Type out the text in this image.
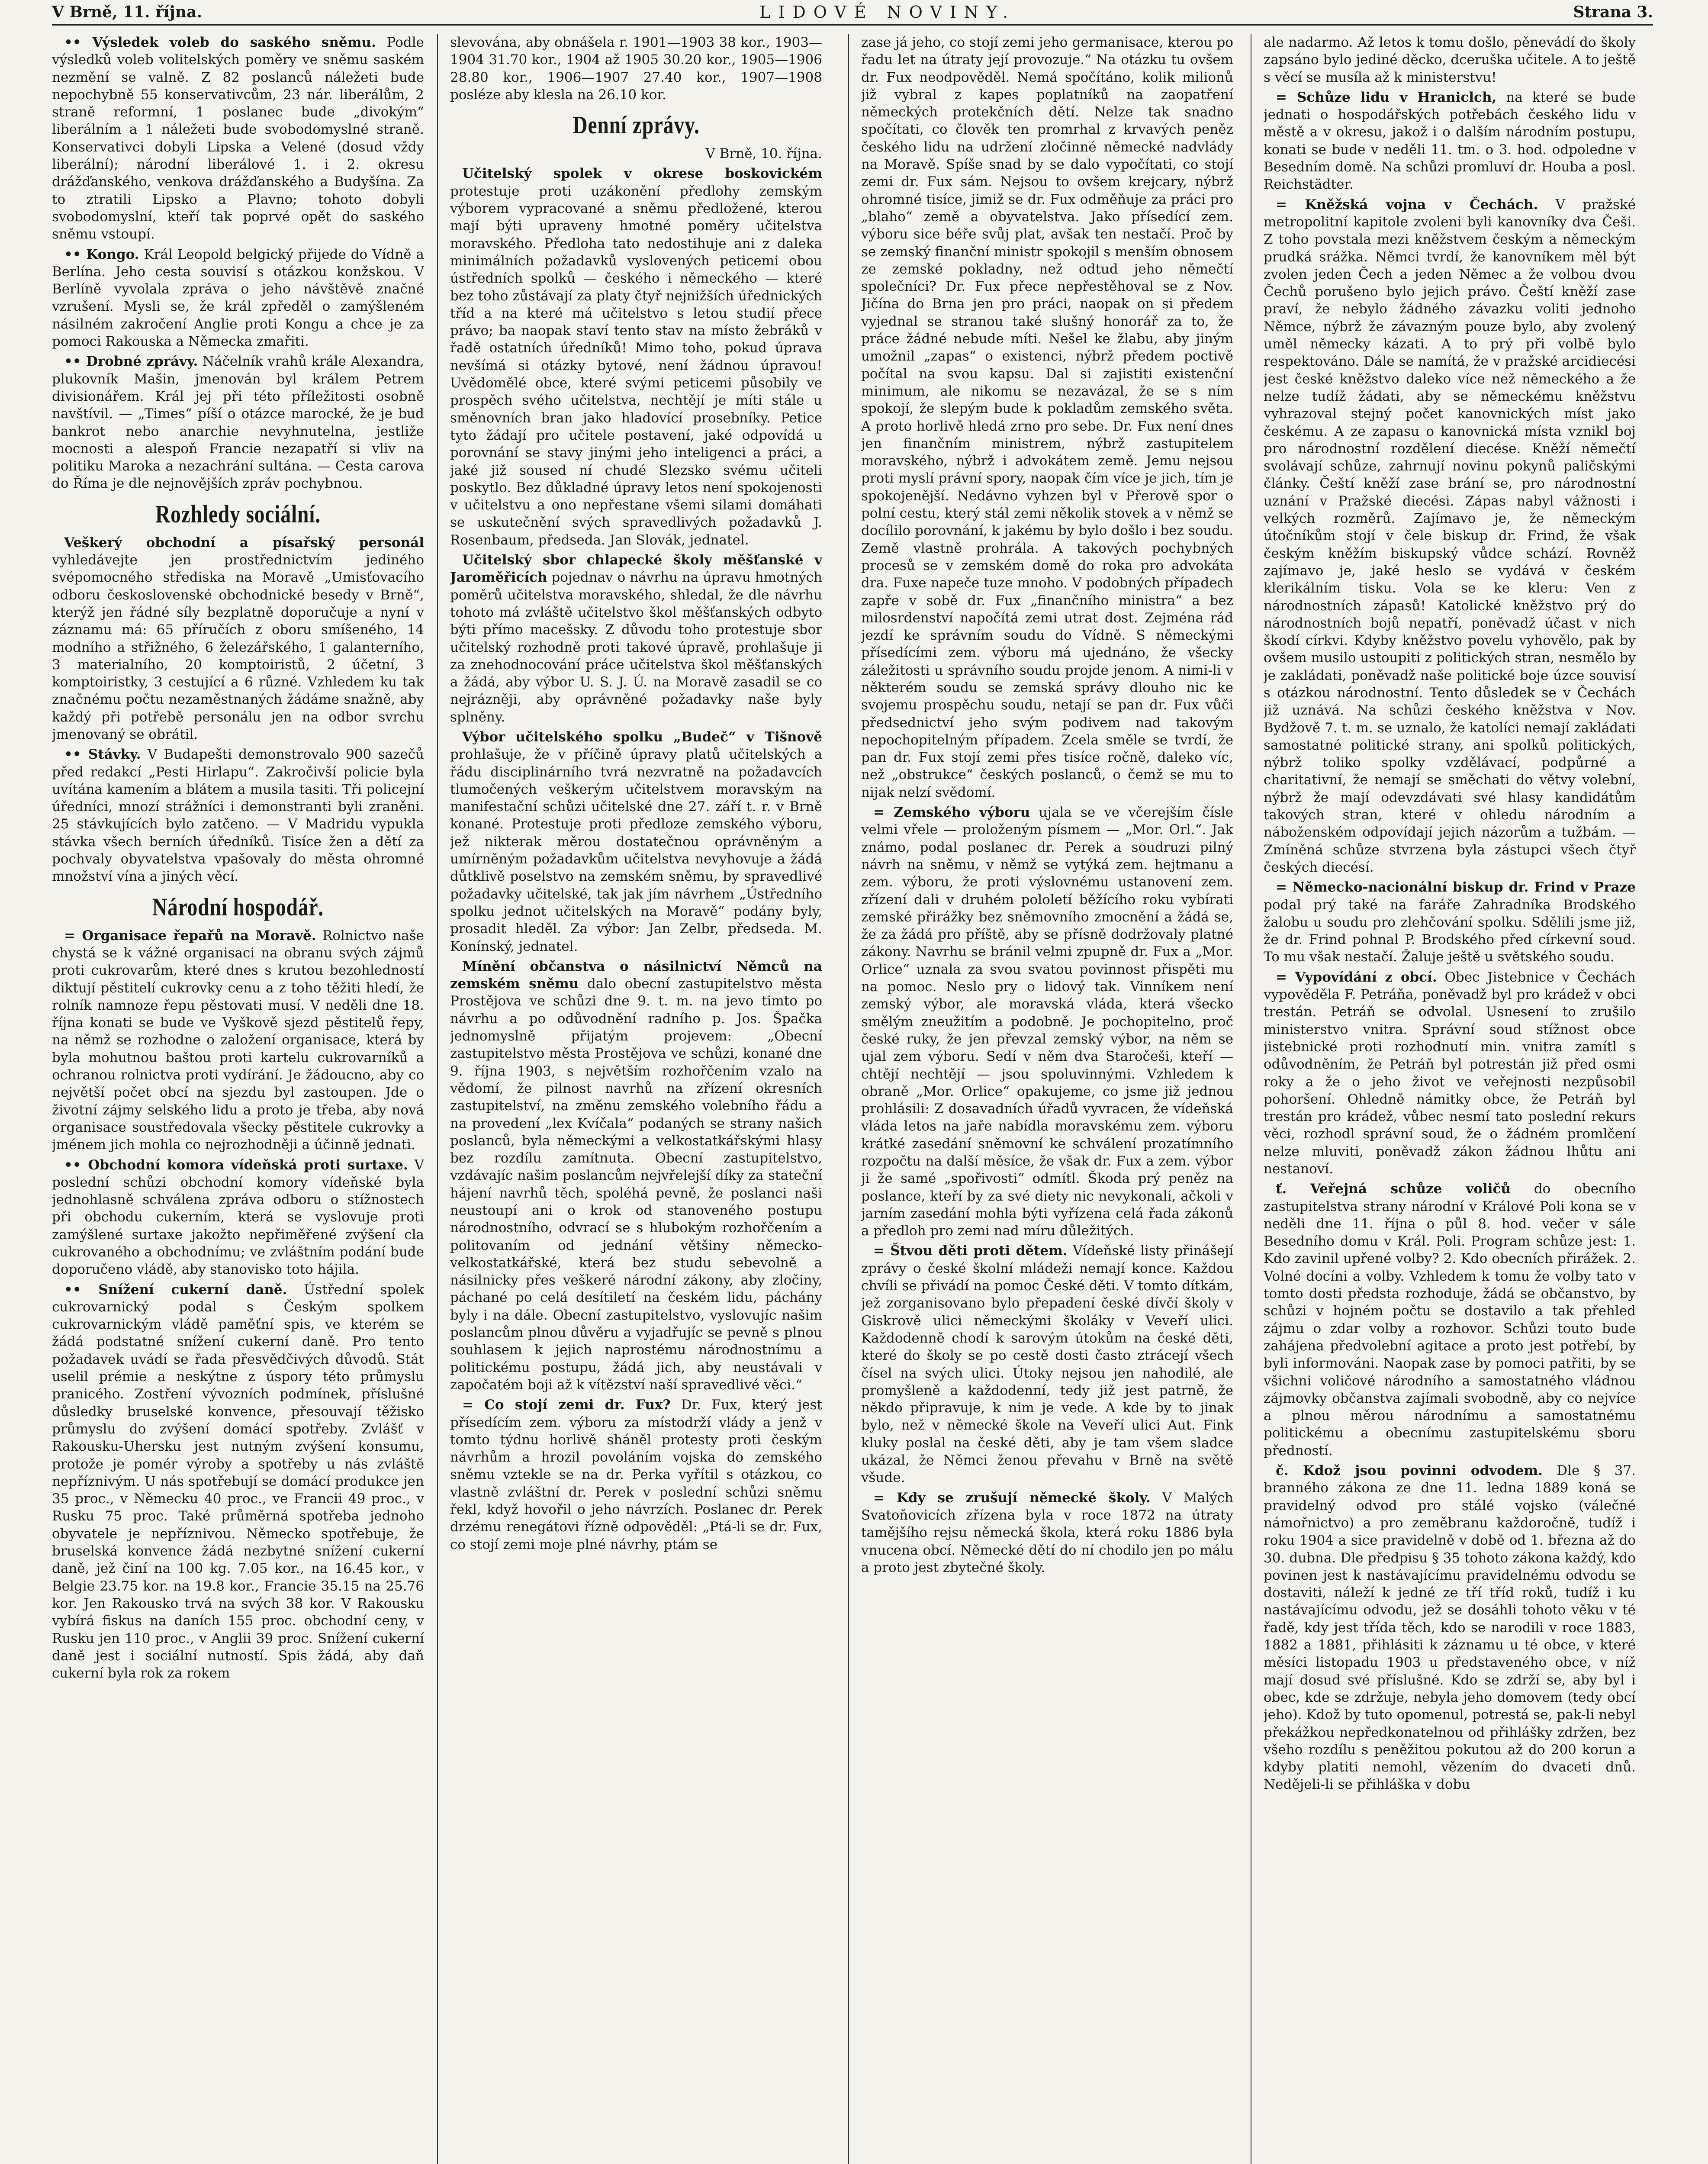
V Brně, 11. října.	LIDOVÉ NOVINY.	Strana 3.

•• Výsledek voleb do saského sněmu. Podle výsledků voleb volitelských poměry ve sněmu saském nezmění se valně. Z 82 poslanců náležeti bude nepochybně 55 konservativcům, 23 nár. liberálům, 2 straně reformní, 1 poslanec bude „divokým“ liberálním a 1 náležeti bude svobodomyslné straně. Konservativci dobyli Lipska a Velené (dosud vždy liberální); národní liberálové 1. i 2. okresu drážďanského, venkova drážďanského a Budyšína. Za to ztratili Lipsko a Plavno; tohoto dobyli svobodomyslní, kteří tak poprvé opět do saského sněmu vstoupí.

•• Kongo. Král Leopold belgický přijede do Vídně a Berlína. Jeho cesta souvisí s otázkou konžskou. V Berlíně vyvolala zpráva o jeho návštěvě značné vzrušení. Mysli se, že král zpředěl o zamýšleném násilném zakročení Anglie proti Kongu a chce je za pomoci Rakouska a Německa zmařiti.

•• Drobné zprávy. Náčelník vrahů krále Alexandra, plukovník Mašin, jmenován byl králem Petrem divisionářem. Král jej při této příležitosti osobně navštívil. — „Times“ píší o otázce marocké, že je buď bankrot nebo anarchie nevyhnutelna, jestliže mocnosti a alespoň Francie nezapatří si vliv na politiku Maroka a nezachrání sultána. — Cesta carova do Říma je dle nejnovějších zpráv pochybnou.

Rozhledy sociální.

Veškerý obchodní a písařský personál vyhledávejte jen prostřednictvím jediného svépomocného střediska na Moravě „Umisťovacího odboru československé obchodnické besedy v Brně“, kterýž jen řádné síly bezplatně doporučuje a nyní v záznamu má: 65 příručích z oboru smíšeného, 14 modního a střižného, 6 železářského, 1 galanterního, 3 materialního, 20 komptoiristů, 2 účetní, 3 komptoiristky, 3 cestující a 6 různé. Vzhledem ku tak značnému počtu nezaměstnaných žádáme snažně, aby každý při potřebě personálu jen na odbor svrchu jmenovaný se obrátil.

•• Stávky. V Budapešti demonstrovalo 900 sazečů před redakcí „Pesti Hirlapu“. Zakročivší policie byla uvítána kamením a blátem a musila tasiti. Tři policejní úředníci, mnozí strážníci i demonstranti byli zraněni. 25 stávkujících bylo zatčeno. — V Madridu vypukla stávka všech berních úředníků. Tisíce žen a dětí za pochvaly obyvatelstva vpašovaly do města ohromné množství vína a jiných věcí.

Národní hospodář.

= Organisace řepařů na Moravě. Rolnictvo naše chystá se k vážné organisaci na obranu svých zájmů proti cukrovarům, které dnes s krutou bezohledností diktují pěstitelí cukrovky cenu a z toho těžiti hledí, že rolník namnoze řepu pěstovati musí. V neděli dne 18. října konati se bude ve Vyškově sjezd pěstitelů řepy, na němž se rozhodne o založení organisace, která by byla mohutnou baštou proti kartelu cukrovarníků a ochranou rolnictva proti vydírání. Je žádoucno, aby co největší počet obcí na sjezdu byl zastoupen. Jde o životní zájmy selského lidu a proto je třeba, aby nová organisace soustředovala všecky pěstitele cukrovky a jménem jich mohla co nejrozhodněji a účinně jednati.

•• Obchodní komora vídeňská proti surtaxe. V poslední schůzi obchodní komory vídeňské byla jednohlasně schválena zpráva odboru o stížnostech při obchodu cukerním, která se vyslovuje proti zamýšlené surtaxe jakožto nepřiměřené zvýšení cla cukrovaného a obchodnímu; ve zvláštním podání bude doporučeno vládě, aby stanovisko toto hájila.

•• Snížení cukerní daně. Ústřední spolek cukrovarnický podal s Českým spolkem cukrovarnickým vládě paměťní spis, ve kterém se žádá podstatné snížení cukerní daně. Pro tento požadavek uvádí se řada přesvědčivých důvodů. Stát uselil prémie a neskýtne z úspory této průmyslu pranicého. Zostření vývozních podmínek, příslušné důsledky bruselské konvence, přesouvají těžisko průmyslu do zvýšení domácí spotřeby. Zvlášť v Rakousku-Uhersku jest nutným zvýšení konsumu, protože je pomér výroby a spotřeby u nás zvláště nepříznivým. U nás spotřebují se domácí produkce jen 35 proc., v Německu 40 proc., ve Francii 49 proc., v Rusku 75 proc. Také průměrná spotřeba jednoho obyvatele je nepříznivou. Německo spotřebuje, že bruselská konvence žádá nezbytné snížení cukerní daně, jež činí na 100 kg. 7.05 kor., na 16.45 kor., v Belgie 23.75 kor. na 19.8 kor., Francie 35.15 na 25.76 kor. Jen Rakousko trvá na svých 38 kor. V Rakousku vybírá fiskus na daních 155 proc. obchodní ceny, v Rusku jen 110 proc., v Anglii 39 proc. Snížení cukerní daně jest i sociální nutností. Spis žádá, aby daň cukerní byla rok za rokem

slevována, aby obnášela r. 1901—1903 38 kor., 1903—1904 31.70 kor., 1904 až 1905 30.20 kor., 1905—1906 28.80 kor., 1906—1907 27.40 kor., 1907—1908 posléze aby klesla na 26.10 kor.

Denní zprávy.
V Brně, 10. října.

Učitelský spolek v okrese boskovickém protestuje proti uzákonění předlohy zemským výborem vypracované a sněmu předložené, kterou mají býti upraveny hmotné poměry učitelstva moravského. Předloha tato nedostihuje ani z daleka minimálních požadavků vyslovených peticemi obou ústředních spolků — českého i německého — které bez toho zůstávají za platy čtyř nejnižších úřednických tříd a na které má učitelstvo s letou studií přece právo; ba naopak staví tento stav na místo žebráků v řadě ostatních úředníků! Mimo toho, pokud úprava nevšímá si otázky bytové, není žádnou úpravou! Uvědomělé obce, které svými peticemi působily ve prospěch svého učitelstva, nechtějí je míti stále u směnovních bran jako hladovící prosebníky. Petice tyto žádají pro učitele postavení, jaké odpovídá u porovnání se stavy jinými jeho inteligenci a práci, a jaké již soused ní chudé Slezsko svému učiteli poskytlo. Bez důkladné úpravy letos není spokojenosti v učitelstvu a ono nepřestane všemi silami domáhati se uskutečnění svých spravedlivých požadavků J. Rosenbaum, předseda. Jan Slovák, jednatel.

Učitelský sbor chlapecké školy měšťanské v Jaroměřicích pojednav o návrhu na úpravu hmotných poměrů učitelstva moravského, shledal, že dle návrhu tohoto má zvláště učitelstvo škol měšťanských odbyto býti přímo macešsky. Z důvodu toho protestuje sbor učitelský rozhodně proti takové úpravě, prohlašuje ji za znehodnocování práce učitelstva škol měšťanských a žádá, aby výbor U. S. J. Ú. na Moravě zasadil se co nejrázněji, aby oprávněné požadavky naše byly splněny.

Výbor učitelského spolku „Budeč“ v Tišnově prohlašuje, že v příčině úpravy platů učitelských a řádu disciplinárního tvrá nezvratně na požadavcích tlumočených veškerým učitelstvem moravským na manifestační schůzi učitelské dne 27. září t. r. v Brně konané. Protestuje proti předloze zemského výboru, jež nikterak měrou dostatečnou oprávněným a umírněným požadavkům učitelstva nevyhovuje a žádá důtklivě poselstvo na zemském sněmu, by spravedlivé požadavky učitelské, tak jak jím návrhem „Ústředního spolku jednot učitelských na Moravě“ podány byly, prosadit hleděl. Za výbor: Jan Zelbr, předseda. M. Konínský, jednatel.

Mínění občanstva o násilnictví Němců na zemském sněmu dalo obecní zastupitelstvo města Prostějova ve schůzi dne 9. t. m. na jevo timto po návrhu a po odůvodnění radního p. Jos. Špačka jednomyslně přijatým projevem: „Obecní zastupitelstvo města Prostějova ve schůzi, konané dne 9. října 1903, s největším rozhořčením vzalo na vědomí, že pilnost navrhů na zřízení okresních zastupitelství, na změnu zemského volebního řádu a na provedení „lex Kvíčala“ podaných se strany našich poslanců, byla německými a velkostatkářskými hlasy bez rozdílu zamítnuta. Obecní zastupitelstvo, vzdávajíc našim poslancům nejvřelejší díky za stateční hájení navrhů těch, spoléhá pevně, že poslanci naši neustoupí ani o krok od stanoveného postupu národnostního, odvrací se s hlubokým rozhořčením a politovaním od jednání většiny německo-velkostatkářské, která bez studu sebevolně a násilnicky přes veškeré národní zákony, aby zločiny, páchané po celá desítiletí na českém lidu, páchány byly i na dále. Obecní zastupitelstvo, vyslovujíc našim poslancům plnou důvěru a vyjadřujíc se pevně s plnou souhlasem k jejich naprostému národnostnímu a politickému postupu, žádá jich, aby neustávali v započatém boji až k vítězství naší spravedlivé věci.“

= Co stojí zemi dr. Fux? Dr. Fux, který jest přísedícím zem. výboru za místodrží vlády a jenž v tomto týdnu horlivě sháněl protesty proti českým návrhům a hrozil povoláním vojska do zemského sněmu vztekle se na dr. Perka vyřítil s otázkou, co vlastně zvláštní dr. Perek v poslední schůzi sněmu řekl, když hovořil o jeho návrzích. Poslanec dr. Perek drzému renegátovi řízně odpověděl: „Ptá-li se dr. Fux, co stojí zemi moje plné návrhy, ptám se

zase já jeho, co stojí zemi jeho germanisace, kterou po řadu let na útraty její provozuje.“ Na otázku tu ovšem dr. Fux neodpověděl. Nemá spočítáno, kolik milionů již vybral z kapes poplatníků na zaopatření německých protekčních dětí. Nelze tak snadno spočítati, co člověk ten promrhal z krvavých peněz českého lidu na udržení zločinné německé nadvlády na Moravě. Spíše snad by se dalo vypočítati, co stojí zemi dr. Fux sám. Nejsou to ovšem krejcary, nýbrž ohromné tisíce, jimiž se dr. Fux odměňuje za práci pro „blaho“ země a obyvatelstva. Jako přísedící zem. výboru sice béře svůj plat, avšak ten nestačí. Proč by se zemský finanční ministr spokojil s menším obnosem ze zemské pokladny, než odtud jeho němečtí společníci? Dr. Fux přece nepřestěhoval se z Nov. Jičína do Brna jen pro práci, naopak on si předem vyjednal se stranou také slušný honorář za to, že práce žádné nebude míti. Nešel ke žlabu, aby jiným umožnil „zapas“ o existenci, nýbrž předem poctivě počítal na svou kapsu. Dal si zajistiti existenční minimum, ale nikomu se nezavázal, že se s ním spokojí, že slepým bude k pokladům zemského světa. A proto horlivě hledá zrno pro sebe. Dr. Fux není dnes jen finančním ministrem, nýbrž zastupitelem moravského, nýbrž i advokátem země. Jemu nejsou proti myslí právní spory, naopak čím více je jich, tím je spokojenější. Nedávno vyhzen byl v Přerově spor o polní cestu, který stál zemi několik stovek a v němž se docílilo porovnání, k jakému by bylo došlo i bez soudu. Země vlastně prohrála. A takových pochybných procesů se v zemském domě do roka pro advokáta dra. Fuxe napeče tuze mnoho. V podobných případech zapře v sobě dr. Fux „finančního ministra“ a bez milosrdenství napočítá zemi utrat dost. Zejména rád jezdí ke správním soudu do Vídně. S německými přísedícími zem. výboru má ujednáno, že všecky záležitosti u správního soudu projde jenom. A nimi-li v některém soudu se zemská správy dlouho nic ke svojemu prospěchu soudu, netají se pan dr. Fux vůči předsednictví jeho svým podivem nad takovým nepochopitelným případem. Zcela směle se tvrdí, že pan dr. Fux stojí zemi přes tisíce ročně, daleko víc, než „obstrukce“ českých poslanců, o čemž se mu to nijak nelzí svědomí.

= Zemského výboru ujala se ve včerejším čísle velmi vřele — proloženým písmem — „Mor. Orl.“. Jak známo, podal poslanec dr. Perek a soudruzi pilný návrh na sněmu, v němž se vytýká zem. hejtmanu a zem. výboru, že proti výslovnému ustanovení zem. zřízení dali v druhém pololetí běžícího roku vybírati zemské přirážky bez sněmovního zmocnění a žádá se, že za žádá pro příště, aby se přísně dodržovaly platné zákony. Navrhu se bránil velmi zpupně dr. Fux a „Mor. Orlice“ uznala za svou svatou povinnost přispěti mu na pomoc. Neslo pry o lidový tak. Vinníkem není zemský výbor, ale moravská vláda, která všecko smělým zneužitím a podobně. Je pochopitelno, proč české ruky, že jen převzal zemský výbor, na něm se ujal zem výboru. Sedí v něm dva Staročeši, kteří — chtějí nechtějí — jsou spoluvinnými. Vzhledem k obraně „Mor. Orlice“ opakujeme, co jsme již jednou prohlásili: Z dosavadních úřadů vyvracen, že vídeňská vláda letos na jaře nabídla moravskému zem. výboru krátké zasedání sněmovní ke schválení prozatímního rozpočtu na další měsíce, že však dr. Fux a zem. výbor ji že samé „spořivosti“ odmítl. Škoda prý peněz na poslance, kteří by za své diety nic nevykonali, ačkoli v jarním zasedání mohla býti vyřízena celá řada zákonů a předloh pro zemi nad míru důležitých.

= Štvou děti proti dětem. Vídeňské listy přinášejí zprávy o české školní mládeži nemají konce. Každou chvíli se přivádí na pomoc České děti. V tomto dítkám, jež zorganisovano bylo přepadení české dívčí školy v Giskrově ulici německými školáky v Veveří ulici. Každodenně chodí k sarovým útokům na české děti, které do školy se po cestě dosti často ztrácejí všech čísel na svých ulici. Útoky nejsou jen nahodilé, ale promyšleně a každodenní, tedy již jest patrně, že někdo připravuje, k nim je vede. A kde by to jinak bylo, než v německé škole na Veveří ulici Aut. Fink kluky poslal na české děti, aby je tam všem sladce ukázal, že Němci ženou převahu v Brně na světě všude.

= Kdy se zrušují německé školy. V Malých Svatoňovicích zřízena byla v roce 1872 na útraty tamějšího rejsu německá škola, která roku 1886 byla vnucena obcí. Německé dětí do ní chodilo jen po málu a proto jest zbytečné školy.

ale nadarmo. Až letos k tomu došlo, pěnevádí do školy zapsáno bylo jediné děcko, dceruška učitele. A to ještě s věcí se musíla až k ministerstvu!

= Schůze lidu v Hraniclch, na které se bude jednati o hospodářských potřebách českého lidu v městě a v okresu, jakož i o dalším národním postupu, konati se bude v neděli 11. tm. o 3. hod. odpoledne v Besedním domě. Na schůzi promluví dr. Houba a posl. Reichstädter.

= Kněžská vojna v Čechách. V pražské metropolitní kapitole zvoleni byli kanovníky dva Češi. Z toho povstala mezi kněžstvem českým a německým prudká srážka. Němci tvrdí, že kanovníkem měl být zvolen jeden Čech a jeden Němec a že volbou dvou Čechů porušeno bylo jejich právo. Čeští kněží zase praví, že nebylo žádného závazku voliti jednoho Němce, nýbrž že závazným pouze bylo, aby zvolený uměl německy kázati. A to prý při volbě bylo respektováno. Dále se namítá, že v pražské arcidiecési jest české kněžstvo daleko více než německého a že nelze tudíž žádati, aby se německému kněžstvu vyhrazoval stejný počet kanovnických míst jako českému. A ze zapasu o kanovnická místa vznikl boj pro národnostní rozdělení diecése. Kněží němečtí svolávají schůze, zahrnují novinu pokynů paličskými články. Čeští kněží zase brání se, pro národnostní uznání v Pražské diecési. Zápas nabyl vážnosti i velkých rozměrů. Zajímavo je, že německým útočníkům stojí v čele biskup dr. Frind, že však českým kněžím biskupský vůdce schází. Rovněž zajímavo je, jaké heslo se vydává v českém klerikálním tisku. Vola se ke kleru: Ven z národnostních zápasů! Katolické kněžstvo prý do národnostních bojů nepatří, poněvadž účast v nich škodí církvi. Kdyby kněžstvo povelu vyhovělo, pak by ovšem musilo ustoupiti z politických stran, nesmělo by je zakládati, poněvadž naše politické boje úzce souvisí s otázkou národnostní. Tento důsledek se v Čechách již uznává. Na schůzi českého kněžstva v Nov. Bydžově 7. t. m. se uznalo, že katolíci nemají zakládati samostatné politické strany, ani spolků politických, nýbrž toliko spolky vzdělávací, podpůrné a charitativní, že nemají se směchati do větvy volební, nýbrž že mají odevzdávati své hlasy kandidátům takových stran, které v ohledu národním a náboženském odpovídají jejich názorům a tužbám. — Zmíněná schůze stvrzena byla zástupci všech čtyř českých diecésí.

= Německo-nacionální biskup dr. Frind v Praze podal prý také na faráře Zahradníka Brodského žalobu u soudu pro zlehčování spolku. Sdělili jsme již, že dr. Frind pohnal P. Brodského před církevní soud. To mu však nestačí. Žaluje ještě u světského soudu.

= Vypovídání z obcí. Obec Jistebnice v Čechách vypověděla F. Petráňa, poněvadž byl pro krádež v obci trestán. Petráň se odvolal. Usnesení to zrušilo ministerstvo vnitra. Správní soud stížnost obce jistebnické proti rozhodnutí min. vnitra zamítl s odůvodněním, že Petráň byl potrestán již před osmi roky a že o jeho život ve veřejnosti nezpůsobil pohoršení. Ohledně námitky obce, že Petráň byl trestán pro krádež, vůbec nesmí tato poslední rekurs věci, rozhodl správní soud, že o žádném promlčení nelze mluviti, poněvadž zákon žádnou lhůtu ani nestanoví.

ť. Veřejná schůze voličů do obecního zastupitelstva strany národní v Králové Poli kona se v neděli dne 11. října o půl 8. hod. večer v sále Besedního domu v Král. Poli. Program schůze jest: 1. Kdo zavinil upřené volby? 2. Kdo obecních přirážek. 2. Volné docíni a volby. Vzhledem k tomu že volby tato v tomto dosti předsta rozhoduje, žádá se občanstvo, by schůzi v hojném počtu se dostavilo a tak přehled zájmu o zdar volby a rozhovor. Schůzi touto bude zahájena předvolební agitace a proto jest potřebí, by byli informováni. Naopak zase by pomoci patřiti, by se všichni voličové národního a samostatného vládnou zájmovky občanstva zajímali svobodně, aby co nejvíce a plnou měrou národnímu a samostatnému politickému a obecnímu zastupitelskému sboru předností.

č. Kdož jsou povinni odvodem. Dle § 37. branného zákona ze dne 11. ledna 1889 koná se pravidelný odvod pro stálé vojsko (válečné námořnictvo) a pro zeměbranu každoročně, tudíž i roku 1904 a sice pravidelně v době od 1. března až do 30. dubna. Dle předpisu § 35 tohoto zákona každý, kdo povinen jest k nastávajícímu pravidelnému odvodu se dostaviti, náleží k jedné ze tří tříd roků, tudíž i ku nastávajícímu odvodu, jež se dosáhli tohoto věku v té řadě, kdy jest třída těch, kdo se narodili v roce 1883, 1882 a 1881, přihlásiti k záznamu u té obce, v které měsíci listopadu 1903 u představeného obce, v níž mají dosud své příslušné. Kdo se zdrží se, aby byl i obec, kde se zdržuje, nebyla jeho domovem (tedy obcí jeho). Kdož by tuto opomenul, potrestá se, pak-li nebyl překážkou nepředkonatelnou od přihlášky zdržen, bez všeho rozdílu s peněžitou pokutou až do 200 korun a kdyby platiti nemohl, vězením do dvaceti dnů. Nedějeli-li se přihláška v dobu
